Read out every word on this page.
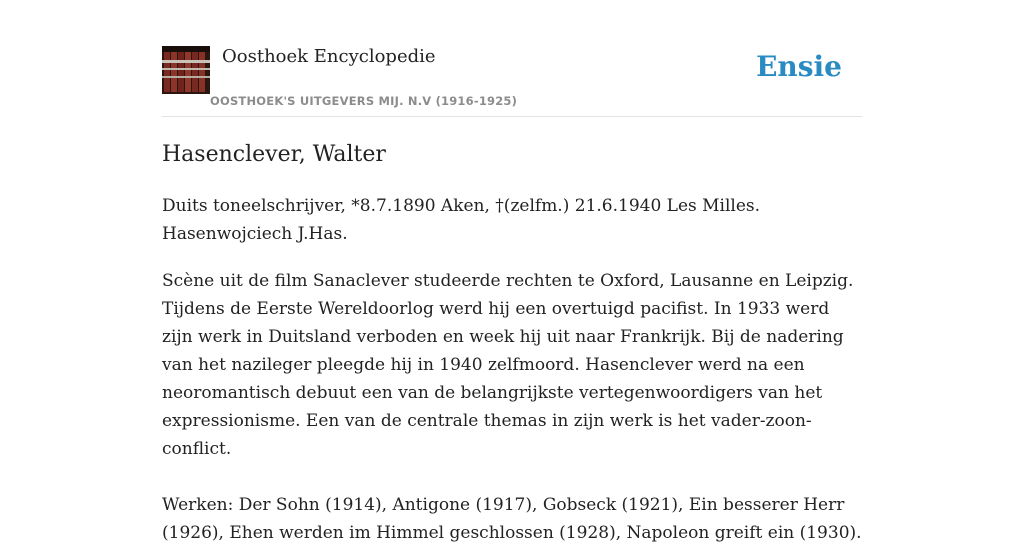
Oosthoek Encyclopedie
OOSTHOEK'S UITGEVERS MIJ. N.V (1916-1925)
Ensie
Hasenclever, Walter

Duits toneelschrijver, *8.7.1890 Aken, †(zelfm.) 21.6.1940 Les Milles. Hasenwojciech J.Has.

Scène uit de film Sanaclever studeerde rechten te Oxford, Lausanne en Leipzig. Tijdens de Eerste Wereldoorlog werd hij een overtuigd pacifist. In 1933 werd zijn werk in Duitsland verboden en week hij uit naar Frankrijk. Bij de nadering van het nazileger pleegde hij in 1940 zelfmoord. Hasenclever werd na een neoromantisch debuut een van de belangrijkste vertegenwoordigers van het expressionisme. Een van de centrale themas in zijn werk is het vader-zoon-conflict.

Werken: Der Sohn (1914), Antigone (1917), Gobseck (1921), Ein besserer Herr (1926), Ehen werden im Himmel geschlossen (1928), Napoleon greift ein (1930).
